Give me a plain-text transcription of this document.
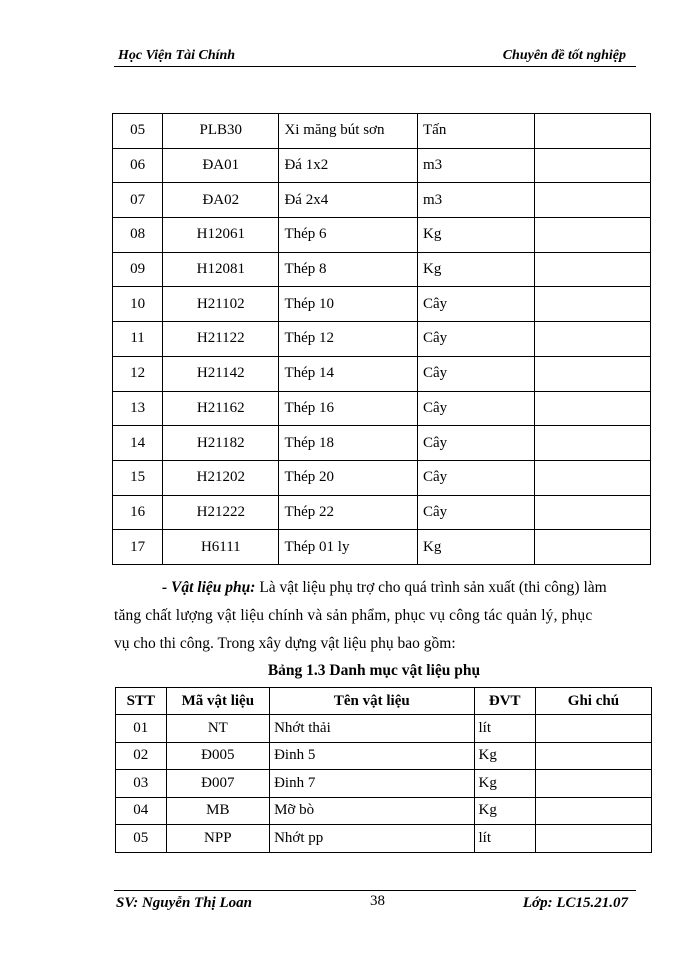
Học Viện Tài Chính	Chuyên đề tốt nghiệp
05	PLB30	Xi măng bút sơn	Tấn	
06	ĐA01	Đá 1x2	m3	
07	ĐA02	Đá 2x4	m3	
08	H12061	Thép 6	Kg	
09	H12081	Thép 8	Kg	
10	H21102	Thép 10	Cây	
11	H21122	Thép 12	Cây	
12	H21142	Thép 14	Cây	
13	H21162	Thép 16	Cây	
14	H21182	Thép 18	Cây	
15	H21202	Thép 20	Cây	
16	H21222	Thép 22	Cây	
17	H6111	Thép 01 ly	Kg	
- Vật liệu phụ: Là vật liệu phụ trợ cho quá trình sản xuất (thi công) làm
tăng chất lượng vật liệu chính và sản phẩm, phục vụ công tác quản lý, phục
vụ cho thi công. Trong xây dựng vật liệu phụ bao gồm:
Bảng 1.3 Danh mục vật liệu phụ
STT	Mã vật liệu	Tên vật liệu	ĐVT	Ghi chú
01	NT	Nhớt thải	lít	
02	Đ005	Đinh 5	Kg	
03	Đ007	Đinh 7	Kg	
04	MB	Mỡ bò	Kg	
05	NPP	Nhớt pp	lít	
SV: Nguyễn Thị Loan	38	Lớp: LC15.21.07
